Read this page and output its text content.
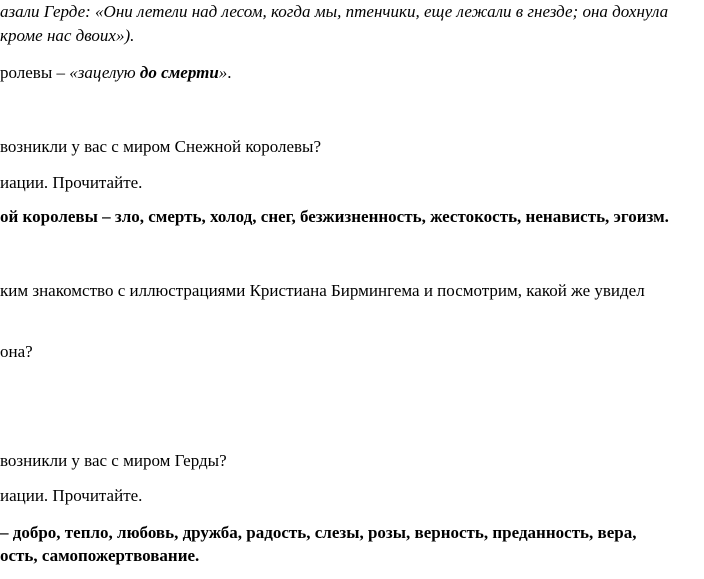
азали Герде: «Они летели над лесом, когда мы, птенчики, еще лежали в гнезде; она дохнула
кроме нас двоих»).
ролевы – «зацелую до смерти».
возникли у вас с миром Снежной королевы?
иации. Прочитайте.
ой королевы – зло, смерть, холод, снег, безжизненность, жестокость, ненависть, эгоизм.
ким знакомство с иллюстрациями Кристиана Бирмингема и посмотрим, какой же увидел
она?
возникли у вас с миром Герды?
иации. Прочитайте.
– добро, тепло, любовь, дружба, радость, слезы, розы, верность, преданность, вера,
ость, самопожертвование.
